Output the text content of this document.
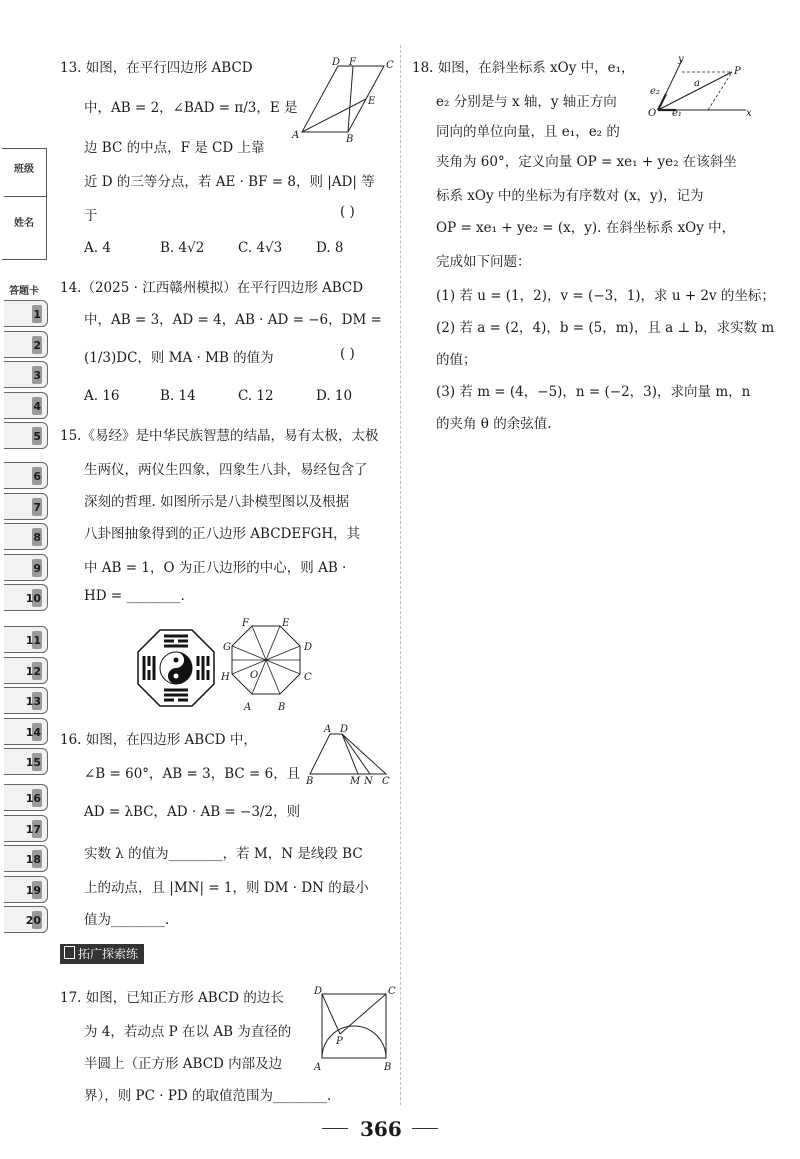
班级
姓名
答题卡
1
2
3
4
5
6
7
8
9
10
11
12
13
14
15
16
17
18
19
20
13. 如图，在平行四边形 ABCD
中，AB = 2，∠BAD = π/3，E 是
边 BC 的中点，F 是 CD 上靠
近 D 的三等分点，若 AE · BF = 8，则 |AD| 等
于	( )
A. 4	B. 4√2 C. 4√3	D. 8
D F	C
E
A	B
14.（2025 · 江西赣州模拟）在平行四边形 ABCD
中，AB = 3，AD = 4，AB · AD = −6，DM =
(1/3)DC，则 MA · MB 的值为	( )
A. 16	B. 14	C. 12	D. 10
15.《易经》是中华民族智慧的结晶，易有太极，太极
生两仪，两仪生四象，四象生八卦，易经包含了
深刻的哲理. 如图所示是八卦模型图以及根据
八卦图抽象得到的正八边形 ABCDEFGH，其
中 AB = 1，O 为正八边形的中心，则 AB ·
HD = ________.
F	E
G	D
O
H	C
A	B
16. 如图，在四边形 ABCD 中，
∠B = 60°，AB = 3，BC = 6，且
AD = λBC，AD · AB = −3/2，则
实数 λ 的值为________，若 M，N 是线段 BC
上的动点，且 |MN| = 1，则 DM · DN 的最小
值为________.
A D
B	M N C
拓广探索练
17. 如图，已知正方形 ABCD 的边长
为 4，若动点 P 在以 AB 为直径的
半圆上（正方形 ABCD 内部及边
界），则 PC · PD 的取值范围为________.
D	C
P
A	B
18. 如图，在斜坐标系 xOy 中，e₁，
e₂ 分别是与 x 轴，y 轴正方向
同向的单位向量，且 e₁，e₂ 的
夹角为 60°，定义向量 OP = xe₁ + ye₂ 在该斜坐
标系 xOy 中的坐标为有序数对 (x，y)，记为
OP = xe₁ + ye₂ = (x，y). 在斜坐标系 xOy 中，
完成如下问题：
(1) 若 u = (1，2)，v = (−3，1)，求 u + 2v 的坐标；
(2) 若 a = (2，4)，b = (5，m)，且 a ⊥ b，求实数 m
的值；
(3) 若 m = (4，−5)，n = (−2，3)，求向量 m，n
的夹角 θ 的余弦值.
y
P
e₂
a
O e₁	x
366
